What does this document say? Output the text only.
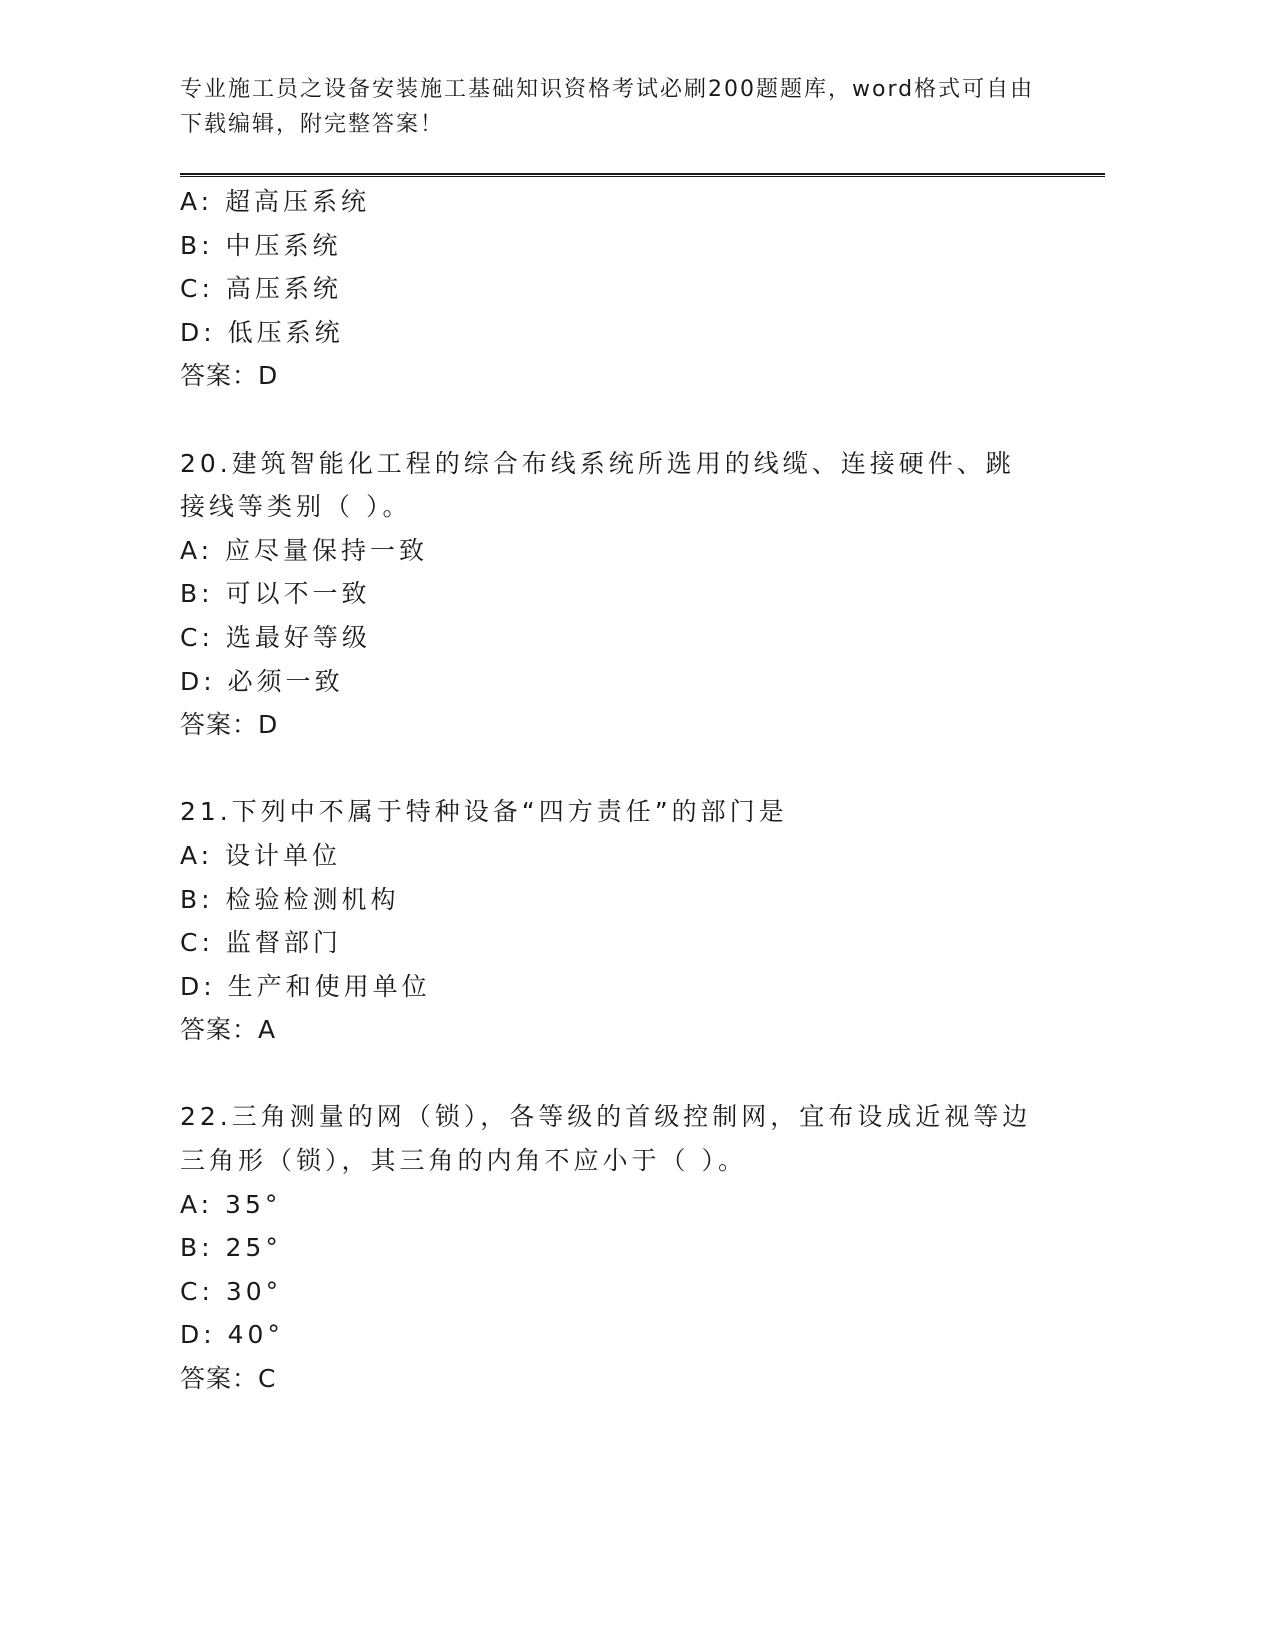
专业施工员之设备安装施工基础知识资格考试必刷200题题库，word格式可自由下载编辑，附完整答案！
A: 超高压系统
B: 中压系统
C: 高压系统
D: 低压系统
答案：D
20.建筑智能化工程的综合布线系统所选用的线缆、连接硬件、跳接线等类别（ ）。
A: 应尽量保持一致
B: 可以不一致
C: 选最好等级
D: 必须一致
答案：D
21.下列中不属于特种设备“四方责任”的部门是
A: 设计单位
B: 检验检测机构
C: 监督部门
D: 生产和使用单位
答案：A
22.三角测量的网（锁），各等级的首级控制网，宜布设成近视等边三角形（锁），其三角的内角不应小于（ ）。
A: 35°
B: 25°
C: 30°
D: 40°
答案：C
